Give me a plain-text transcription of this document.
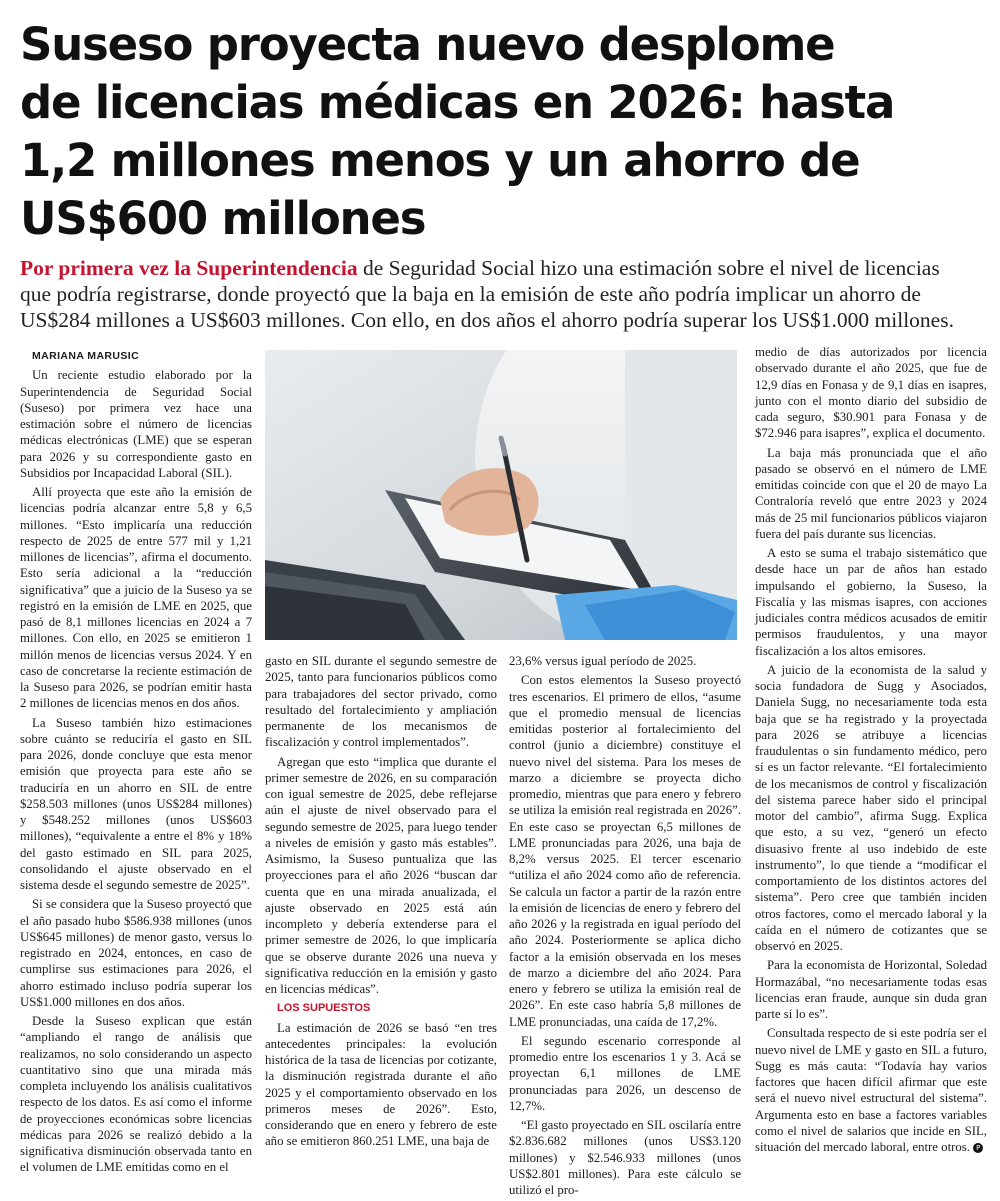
Suseso proyecta nuevo desplome
de licencias médicas en 2026: hasta
1,2 millones menos y un ahorro de
US$600 millones
Por primera vez la Superintendencia de Seguridad Social hizo una estimación sobre el nivel de licencias
que podría registrarse, donde proyectó que la baja en la emisión de este año podría implicar un ahorro de
US$284 millones a US$603 millones. Con ello, en dos años el ahorro podría superar los US$1.000 millones.

MARIANA MARUSIC

Un reciente estudio elaborado por la Superintendencia de Seguridad Social (Suseso) por primera vez hace una estimación sobre el número de licencias médicas electrónicas (LME) que se esperan para 2026 y su correspondiente gasto en Subsidios por Incapacidad Laboral (SIL).

Allí proyecta que este año la emisión de licencias podría alcanzar entre 5,8 y 6,5 millones. “Esto implicaría una reducción respecto de 2025 de entre 577 mil y 1,21 millones de licencias”, afirma el documento. Esto sería adicional a la “reducción significativa” que a juicio de la Suseso ya se registró en la emisión de LME en 2025, que pasó de 8,1 millones licencias en 2024 a 7 millones. Con ello, en 2025 se emitieron 1 millón menos de licencias versus 2024. Y en caso de concretarse la reciente estimación de la Suseso para 2026, se podrían emitir hasta 2 millones de licencias menos en dos años.

La Suseso también hizo estimaciones sobre cuánto se reduciría el gasto en SIL para 2026, donde concluye que esta menor emisión que proyecta para este año se traduciría en un ahorro en SIL de entre $258.503 millones (unos US$284 millones) y $548.252 millones (unos US$603 millones), “equivalente a entre el 8% y 18% del gasto estimado en SIL para 2025, consolidando el ajuste observado en el sistema desde el segundo semestre de 2025”.

Si se considera que la Suseso proyectó que el año pasado hubo $586.938 millones (unos US$645 millones) de menor gasto, versus lo registrado en 2024, entonces, en caso de cumplirse sus estimaciones para 2026, el ahorro estimado incluso podría superar los US$1.000 millones en dos años.

Desde la Suseso explican que están “ampliando el rango de análisis que realizamos, no solo considerando un aspecto cuantitativo sino que una mirada más completa incluyendo los análisis cualitativos respecto de los datos. Es así como el informe de proyecciones económicas sobre licencias médicas para 2026 se realizó debido a la significativa disminución observada tanto en el volumen de LME emitidas como en el

gasto en SIL durante el segundo semestre de 2025, tanto para funcionarios públicos como para trabajadores del sector privado, como resultado del fortalecimiento y ampliación permanente de los mecanismos de fiscalización y control implementados”.

Agregan que esto “implica que durante el primer semestre de 2026, en su comparación con igual semestre de 2025, debe reflejarse aún el ajuste de nivel observado para el segundo semestre de 2025, para luego tender a niveles de emisión y gasto más estables”. Asimismo, la Suseso puntualiza que las proyecciones para el año 2026 “buscan dar cuenta que en una mirada anualizada, el ajuste observado en 2025 está aún incompleto y debería extenderse para el primer semestre de 2026, lo que implicaría que se observe durante 2026 una nueva y significativa reducción en la emisión y gasto en licencias médicas”.

LOS SUPUESTOS

La estimación de 2026 se basó “en tres antecedentes principales: la evolución histórica de la tasa de licencias por cotizante, la disminución registrada durante el año 2025 y el comportamiento observado en los primeros meses de 2026”. Esto, considerando que en enero y febrero de este año se emitieron 860.251 LME, una baja de

23,6% versus igual período de 2025.

Con estos elementos la Suseso proyectó tres escenarios. El primero de ellos, “asume que el promedio mensual de licencias emitidas posterior al fortalecimiento del control (junio a diciembre) constituye el nuevo nivel del sistema. Para los meses de marzo a diciembre se proyecta dicho promedio, mientras que para enero y febrero se utiliza la emisión real registrada en 2026”. En este caso se proyectan 6,5 millones de LME pronunciadas para 2026, una baja de 8,2% versus 2025. El tercer escenario “utiliza el año 2024 como año de referencia. Se calcula un factor a partir de la razón entre la emisión de licencias de enero y febrero del año 2026 y la registrada en igual período del año 2024. Posteriormente se aplica dicho factor a la emisión observada en los meses de marzo a diciembre del año 2024. Para enero y febrero se utiliza la emisión real de 2026”. En este caso habría 5,8 millones de LME pronunciadas, una caída de 17,2%.

El segundo escenario corresponde al promedio entre los escenarios 1 y 3. Acá se proyectan 6,1 millones de LME pronunciadas para 2026, un descenso de 12,7%.

“El gasto proyectado en SIL oscilaría entre $2.836.682 millones (unos US$3.120 millones) y $2.546.933 millones (unos US$2.801 millones). Para este cálculo se utilizó el pro-

medio de días autorizados por licencia observado durante el año 2025, que fue de 12,9 días en Fonasa y de 9,1 días en isapres, junto con el monto diario del subsidio de cada seguro, $30.901 para Fonasa y de $72.946 para isapres”, explica el documento.

La baja más pronunciada que el año pasado se observó en el número de LME emitidas coincide con que el 20 de mayo La Contraloría reveló que entre 2023 y 2024 más de 25 mil funcionarios públicos viajaron fuera del país durante sus licencias.

A esto se suma el trabajo sistemático que desde hace un par de años han estado impulsando el gobierno, la Suseso, la Fiscalía y las mismas isapres, con acciones judiciales contra médicos acusados de emitir permisos fraudulentos, y una mayor fiscalización a los altos emisores.

A juicio de la economista de la salud y socia fundadora de Sugg y Asociados, Daniela Sugg, no necesariamente toda esta baja que se ha registrado y la proyectada para 2026 se atribuye a licencias fraudulentas o sin fundamento médico, pero sí es un factor relevante. “El fortalecimiento de los mecanismos de control y fiscalización del sistema parece haber sido el principal motor del cambio”, afirma Sugg. Explica que esto, a su vez, “generó un efecto disuasivo frente al uso indebido de este instrumento”, lo que tiende a “modificar el comportamiento de los distintos actores del sistema”. Pero cree que también inciden otros factores, como el mercado laboral y la caída en el número de cotizantes que se observó en 2025.

Para la economista de Horizontal, Soledad Hormazábal, “no necesariamente todas esas licencias eran fraude, aunque sin duda gran parte sí lo es”.

Consultada respecto de si este podría ser el nuevo nivel de LME y gasto en SIL a futuro, Sugg es más cauta: “Todavía hay varios factores que hacen difícil afirmar que este será el nuevo nivel estructural del sistema”. Argumenta esto en base a factores variables como el nivel de salarios que incide en SIL, situación del mercado laboral, entre otros. P
